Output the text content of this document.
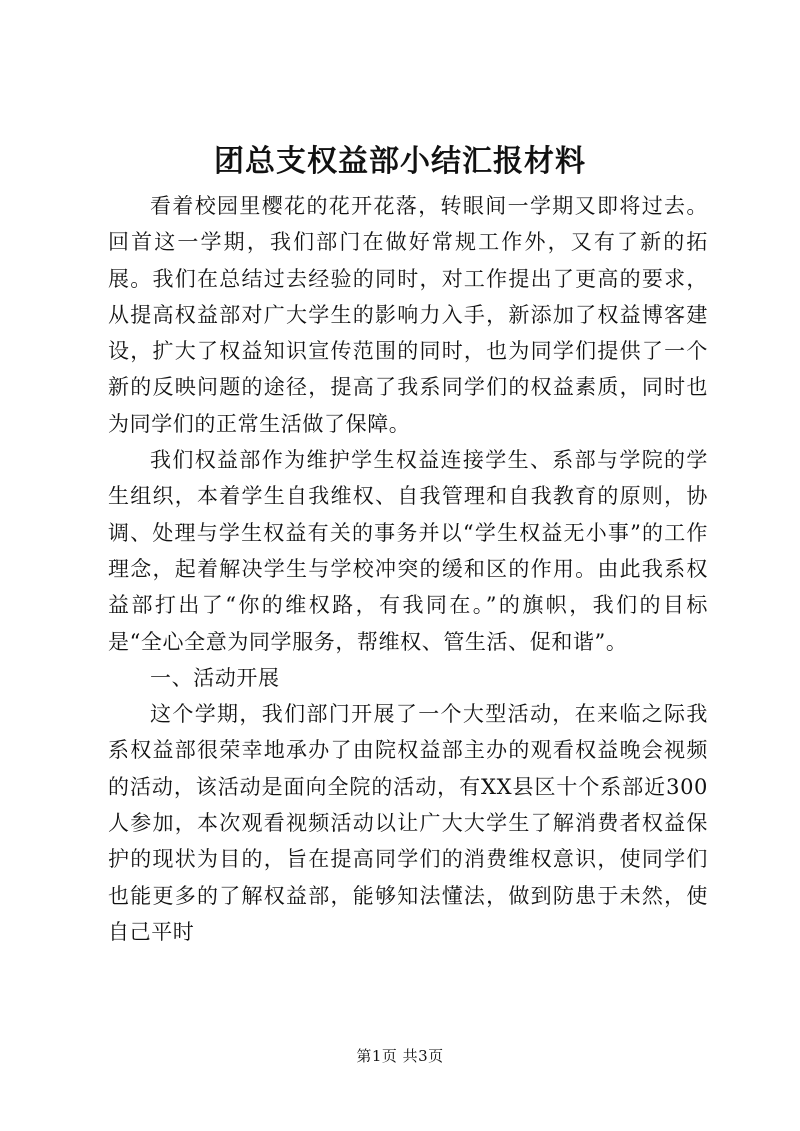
团总支权益部小结汇报材料

看着校园里樱花的花开花落，转眼间一学期又即将过去。回首这一学期，我们部门在做好常规工作外，又有了新的拓展。我们在总结过去经验的同时，对工作提出了更高的要求，从提高权益部对广大学生的影响力入手，新添加了权益博客建设，扩大了权益知识宣传范围的同时，也为同学们提供了一个新的反映问题的途径，提高了我系同学们的权益素质，同时也为同学们的正常生活做了保障。

我们权益部作为维护学生权益连接学生、系部与学院的学生组织，本着学生自我维权、自我管理和自我教育的原则，协调、处理与学生权益有关的事务并以“学生权益无小事”的工作理念，起着解决学生与学校冲突的缓和区的作用。由此我系权益部打出了“你的维权路，有我同在。”的旗帜，我们的目标是“全心全意为同学服务，帮维权、管生活、促和谐”。

一、活动开展

这个学期，我们部门开展了一个大型活动，在来临之际我系权益部很荣幸地承办了由院权益部主办的观看权益晚会视频的活动，该活动是面向全院的活动，有XX县区十个系部近300人参加，本次观看视频活动以让广大大学生了解消费者权益保护的现状为目的，旨在提高同学们的消费维权意识，使同学们也能更多的了解权益部，能够知法懂法，做到防患于未然，使自己平时

第1页 共3页
